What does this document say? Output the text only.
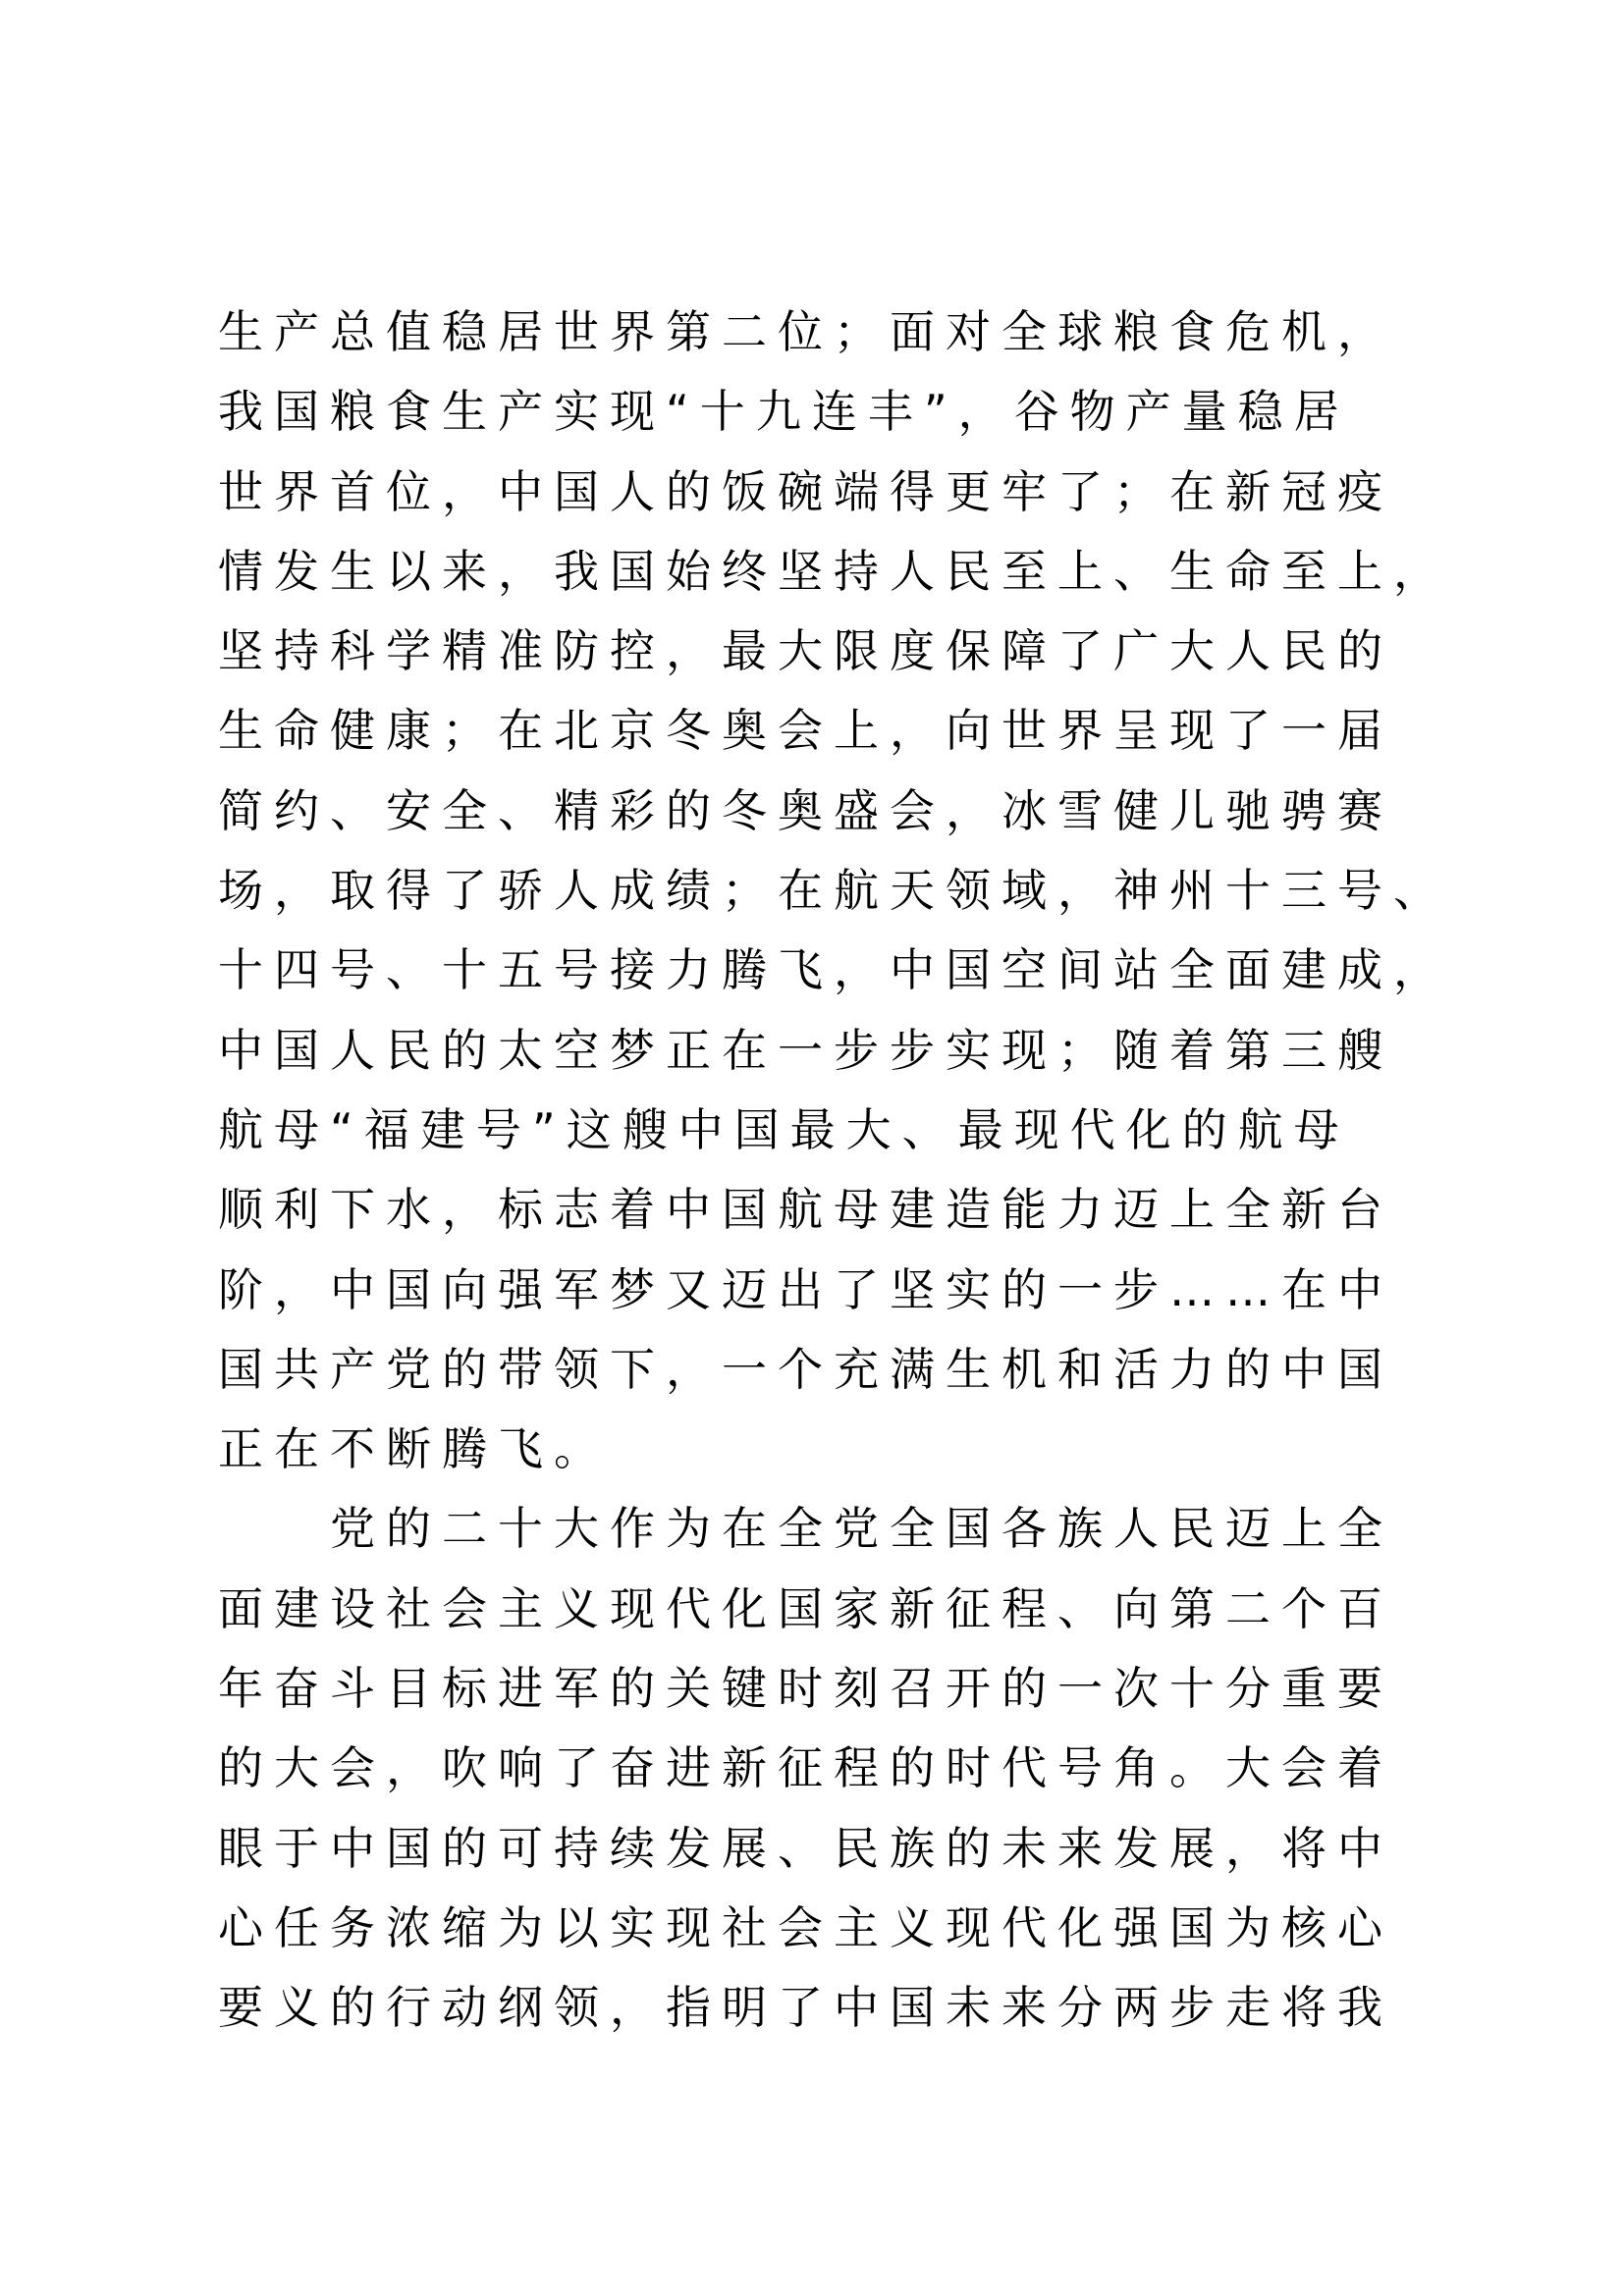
生产总值稳居世界第二位；面对全球粮食危机，
我国粮食生产实现“十九连丰”，谷物产量稳居
世界首位，中国人的饭碗端得更牢了；在新冠疫
情发生以来，我国始终坚持人民至上、生命至上，
坚持科学精准防控，最大限度保障了广大人民的
生命健康；在北京冬奥会上，向世界呈现了一届
简约、安全、精彩的冬奥盛会，冰雪健儿驰骋赛
场，取得了骄人成绩；在航天领域，神州十三号、
十四号、十五号接力腾飞，中国空间站全面建成，
中国人民的太空梦正在一步步实现；随着第三艘
航母“福建号”这艘中国最大、最现代化的航母
顺利下水，标志着中国航母建造能力迈上全新台
阶，中国向强军梦又迈出了坚实的一步……在中
国共产党的带领下，一个充满生机和活力的中国
正在不断腾飞。
党的二十大作为在全党全国各族人民迈上全
面建设社会主义现代化国家新征程、向第二个百
年奋斗目标进军的关键时刻召开的一次十分重要
的大会，吹响了奋进新征程的时代号角。大会着
眼于中国的可持续发展、民族的未来发展，将中
心任务浓缩为以实现社会主义现代化强国为核心
要义的行动纲领，指明了中国未来分两步走将我
